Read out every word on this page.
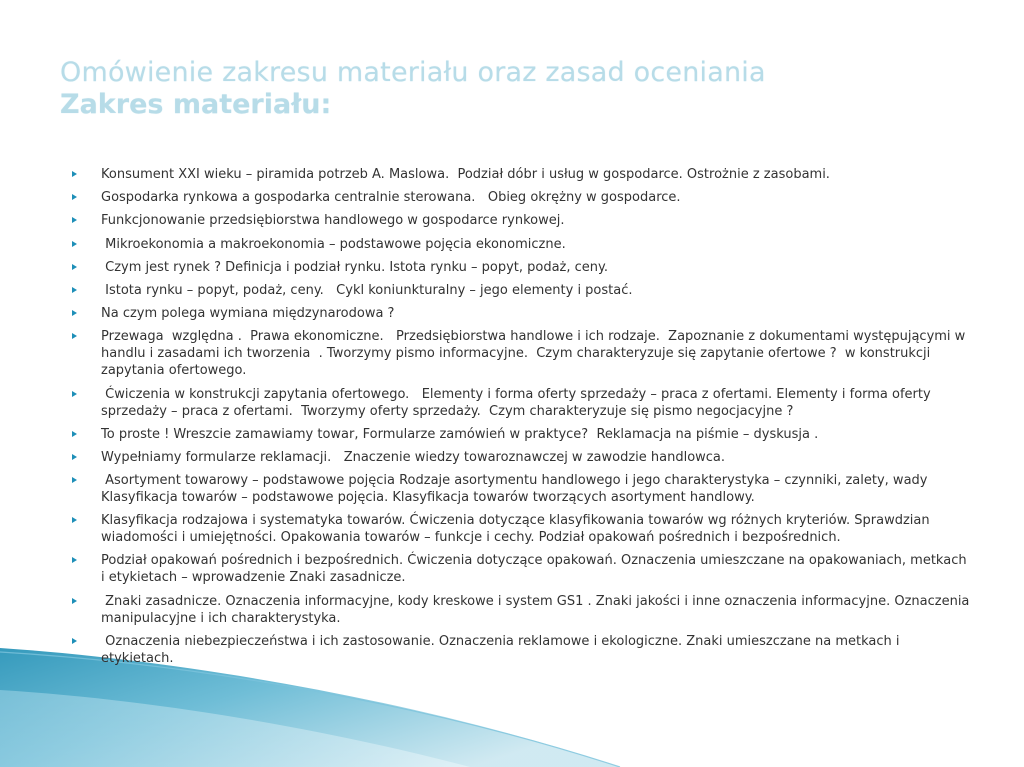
Omówienie zakresu materiału oraz zasad oceniania
Zakres materiału:
Konsument XXI wieku – piramida potrzeb A. Maslowa.  Podział dóbr i usług w gospodarce. Ostrożnie z zasobami.
Gospodarka rynkowa a gospodarka centralnie sterowana.   Obieg okrężny w gospodarce.
Funkcjonowanie przedsiębiorstwa handlowego w gospodarce rynkowej.
Mikroekonomia a makroekonomia – podstawowe pojęcia ekonomiczne.
Czym jest rynek ? Definicja i podział rynku. Istota rynku – popyt, podaż, ceny.
Istota rynku – popyt, podaż, ceny.   Cykl koniunkturalny – jego elementy i postać.
Na czym polega wymiana międzynarodowa ?
Przewaga  względna .  Prawa ekonomiczne.   Przedsiębiorstwa handlowe i ich rodzaje.  Zapoznanie z dokumentami występującymi w handlu i zasadami ich tworzenia  . Tworzymy pismo informacyjne.  Czym charakteryzuje się zapytanie ofertowe ?  w konstrukcji zapytania ofertowego.
Ćwiczenia w konstrukcji zapytania ofertowego.   Elementy i forma oferty sprzedaży – praca z ofertami. Elementy i forma oferty sprzedaży – praca z ofertami.  Tworzymy oferty sprzedaży.  Czym charakteryzuje się pismo negocjacyjne ?
To proste ! Wreszcie zamawiamy towar, Formularze zamówień w praktyce?  Reklamacja na piśmie – dyskusja .
Wypełniamy formularze reklamacji.   Znaczenie wiedzy towaroznawczej w zawodzie handlowca.
Asortyment towarowy – podstawowe pojęcia Rodzaje asortymentu handlowego i jego charakterystyka – czynniki, zalety, wady Klasyfikacja towarów – podstawowe pojęcia. Klasyfikacja towarów tworzących asortyment handlowy.
Klasyfikacja rodzajowa i systematyka towarów. Ćwiczenia dotyczące klasyfikowania towarów wg różnych kryteriów. Sprawdzian wiadomości i umiejętności. Opakowania towarów – funkcje i cechy. Podział opakowań pośrednich i bezpośrednich.
Podział opakowań pośrednich i bezpośrednich. Ćwiczenia dotyczące opakowań. Oznaczenia umieszczane na opakowaniach, metkach i etykietach – wprowadzenie Znaki zasadnicze.
Znaki zasadnicze. Oznaczenia informacyjne, kody kreskowe i system GS1 . Znaki jakości i inne oznaczenia informacyjne. Oznaczenia manipulacyjne i ich charakterystyka.
Oznaczenia niebezpieczeństwa i ich zastosowanie. Oznaczenia reklamowe i ekologiczne. Znaki umieszczane na metkach i etykietach.
